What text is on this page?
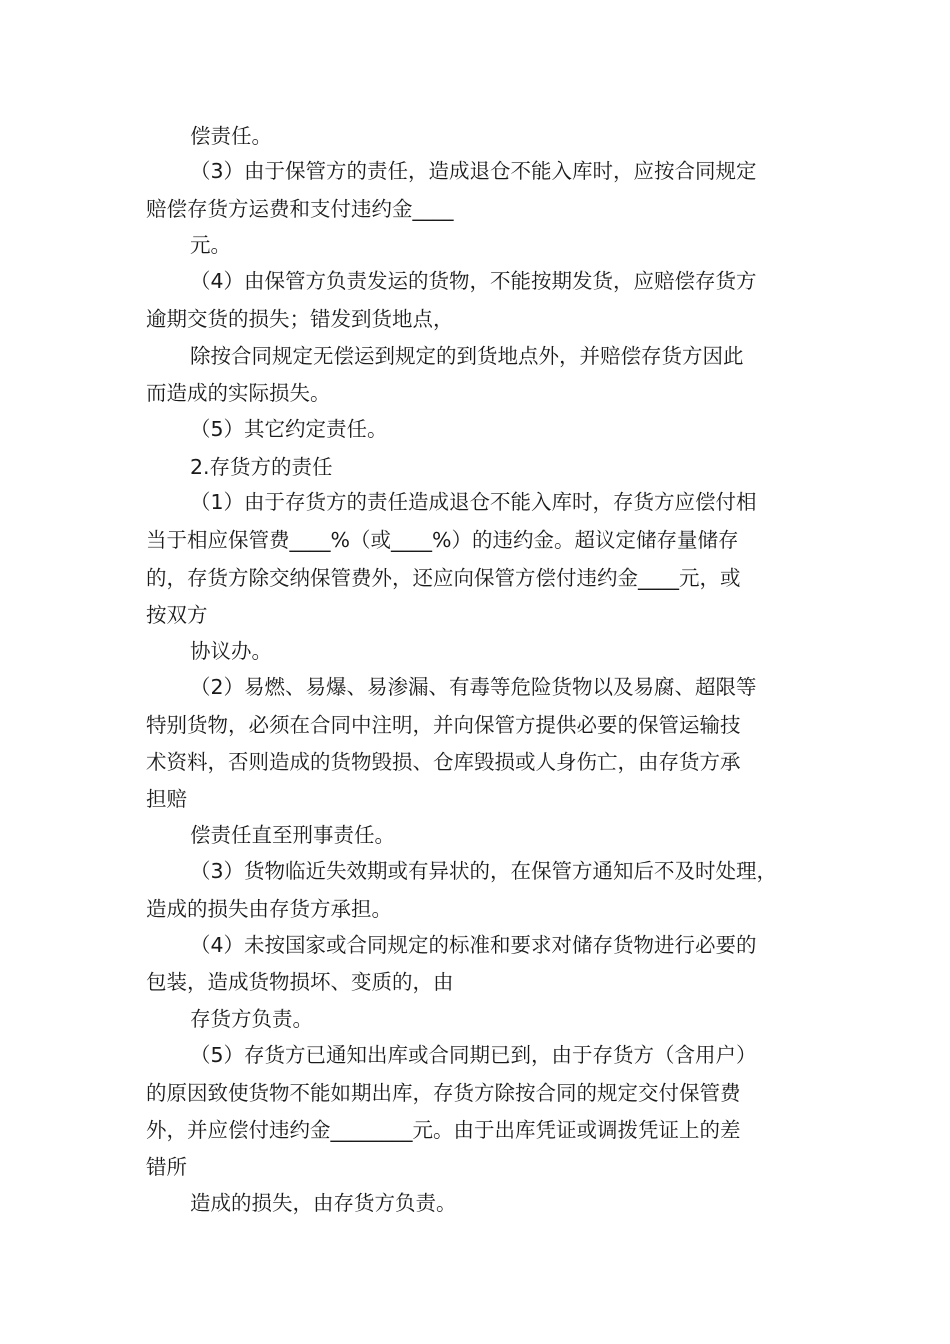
偿责任。
（3）由于保管方的责任，造成退仓不能入库时，应按合同规定
赔偿存货方运费和支付违约金____
元。
（4）由保管方负责发运的货物，不能按期发货，应赔偿存货方
逾期交货的损失；错发到货地点，
除按合同规定无偿运到规定的到货地点外，并赔偿存货方因此
而造成的实际损失。
（5）其它约定责任。
2.存货方的责任
（1）由于存货方的责任造成退仓不能入库时，存货方应偿付相
当于相应保管费____%（或____%）的违约金。超议定储存量储存
的，存货方除交纳保管费外，还应向保管方偿付违约金____元，或
按双方
协议办。
（2）易燃、易爆、易渗漏、有毒等危险货物以及易腐、超限等
特别货物，必须在合同中注明，并向保管方提供必要的保管运输技
术资料，否则造成的货物毁损、仓库毁损或人身伤亡，由存货方承
担赔
偿责任直至刑事责任。
（3）货物临近失效期或有异状的，在保管方通知后不及时处理，
造成的损失由存货方承担。
（4）未按国家或合同规定的标准和要求对储存货物进行必要的
包装，造成货物损坏、变质的，由
存货方负责。
（5）存货方已通知出库或合同期已到，由于存货方（含用户）
的原因致使货物不能如期出库，存货方除按合同的规定交付保管费
外，并应偿付违约金________元。由于出库凭证或调拨凭证上的差
错所
造成的损失，由存货方负责。
